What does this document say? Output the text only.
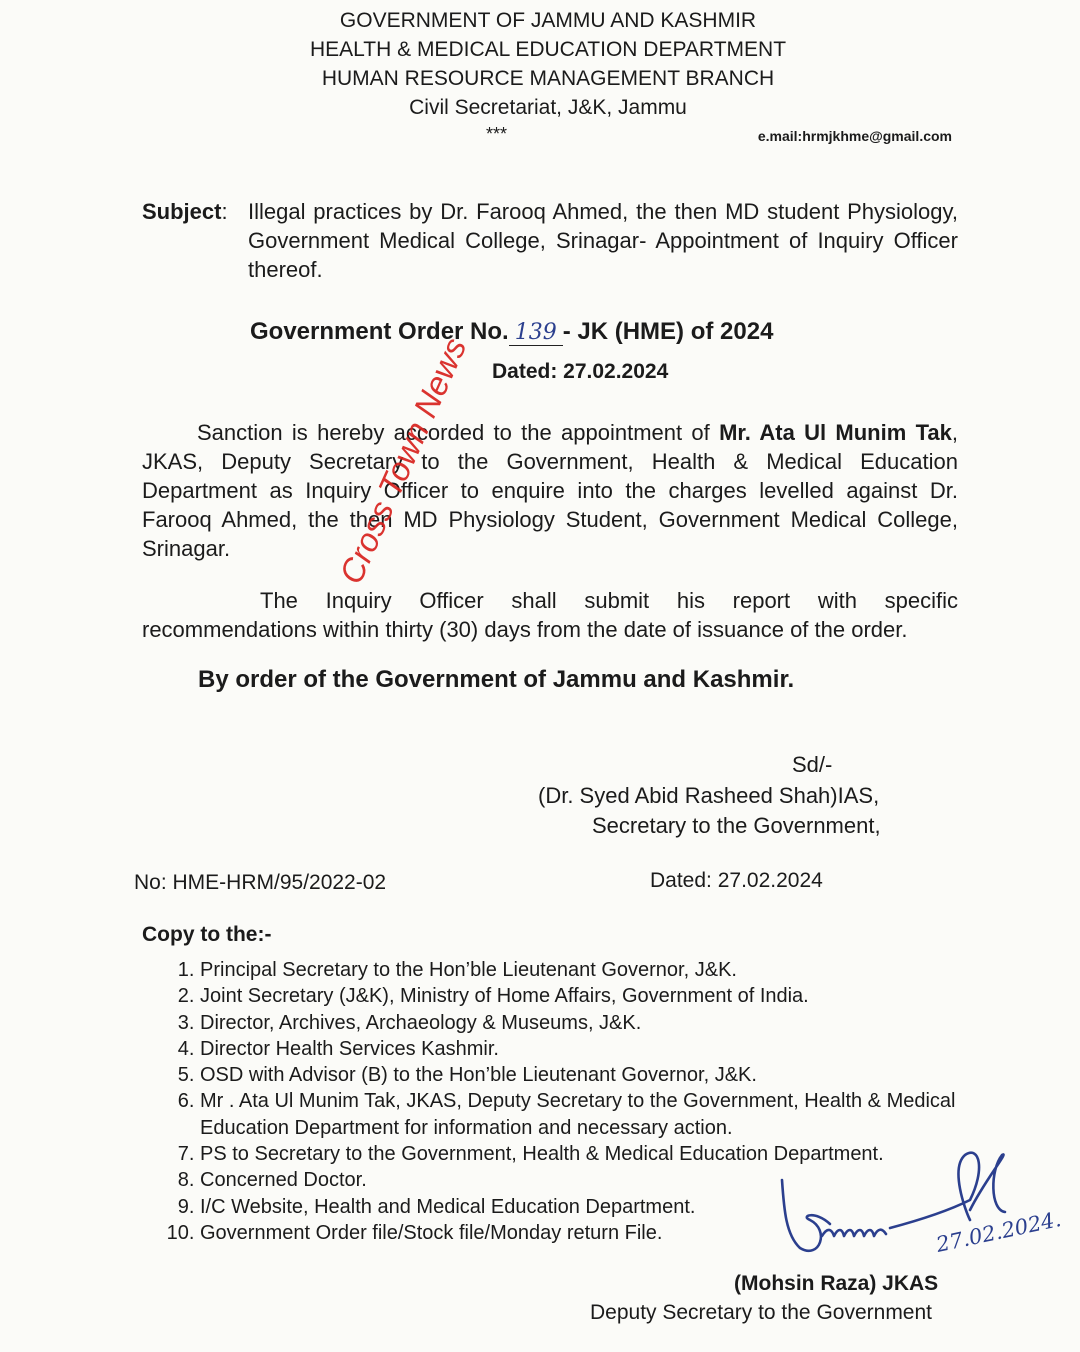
GOVERNMENT OF JAMMU AND KASHMIR
HEALTH & MEDICAL EDUCATION DEPARTMENT
HUMAN RESOURCE MANAGEMENT BRANCH
Civil Secretariat, J&K, Jammu
***	e.mail:hrmjkhme@gmail.com
Subject: Illegal practices by Dr. Farooq Ahmed, the then MD student Physiology, Government Medical College, Srinagar- Appointment of Inquiry Officer thereof.
Government Order No. 139 - JK (HME) of 2024
Dated: 27.02.2024
Sanction is hereby accorded to the appointment of Mr. Ata Ul Munim Tak, JKAS, Deputy Secretary to the Government, Health & Medical Education Department as Inquiry Officer to enquire into the charges levelled against Dr. Farooq Ahmed, the then MD Physiology Student, Government Medical College, Srinagar.
The Inquiry Officer shall submit his report with specific recommendations within thirty (30) days from the date of issuance of the order.
By order of the Government of Jammu and Kashmir.
Cross Town News
Sd/-
(Dr. Syed Abid Rasheed Shah)IAS,
Secretary to the Government,
No: HME-HRM/95/2022-02	Dated: 27.02.2024
Copy to the:-
1. Principal Secretary to the Hon’ble Lieutenant Governor, J&K.
2. Joint Secretary (J&K), Ministry of Home Affairs, Government of India.
3. Director, Archives, Archaeology & Museums, J&K.
4. Director Health Services Kashmir.
5. OSD with Advisor (B) to the Hon’ble Lieutenant Governor, J&K.
6. Mr . Ata Ul Munim Tak, JKAS, Deputy Secretary to the Government, Health & Medical Education Department for information and necessary action.
7. PS to Secretary to the Government, Health & Medical Education Department.
8. Concerned Doctor.
9. I/C Website, Health and Medical Education Department.
10. Government Order file/Stock file/Monday return File.	27.02.2024.
(Mohsin Raza) JKAS
Deputy Secretary to the Government
